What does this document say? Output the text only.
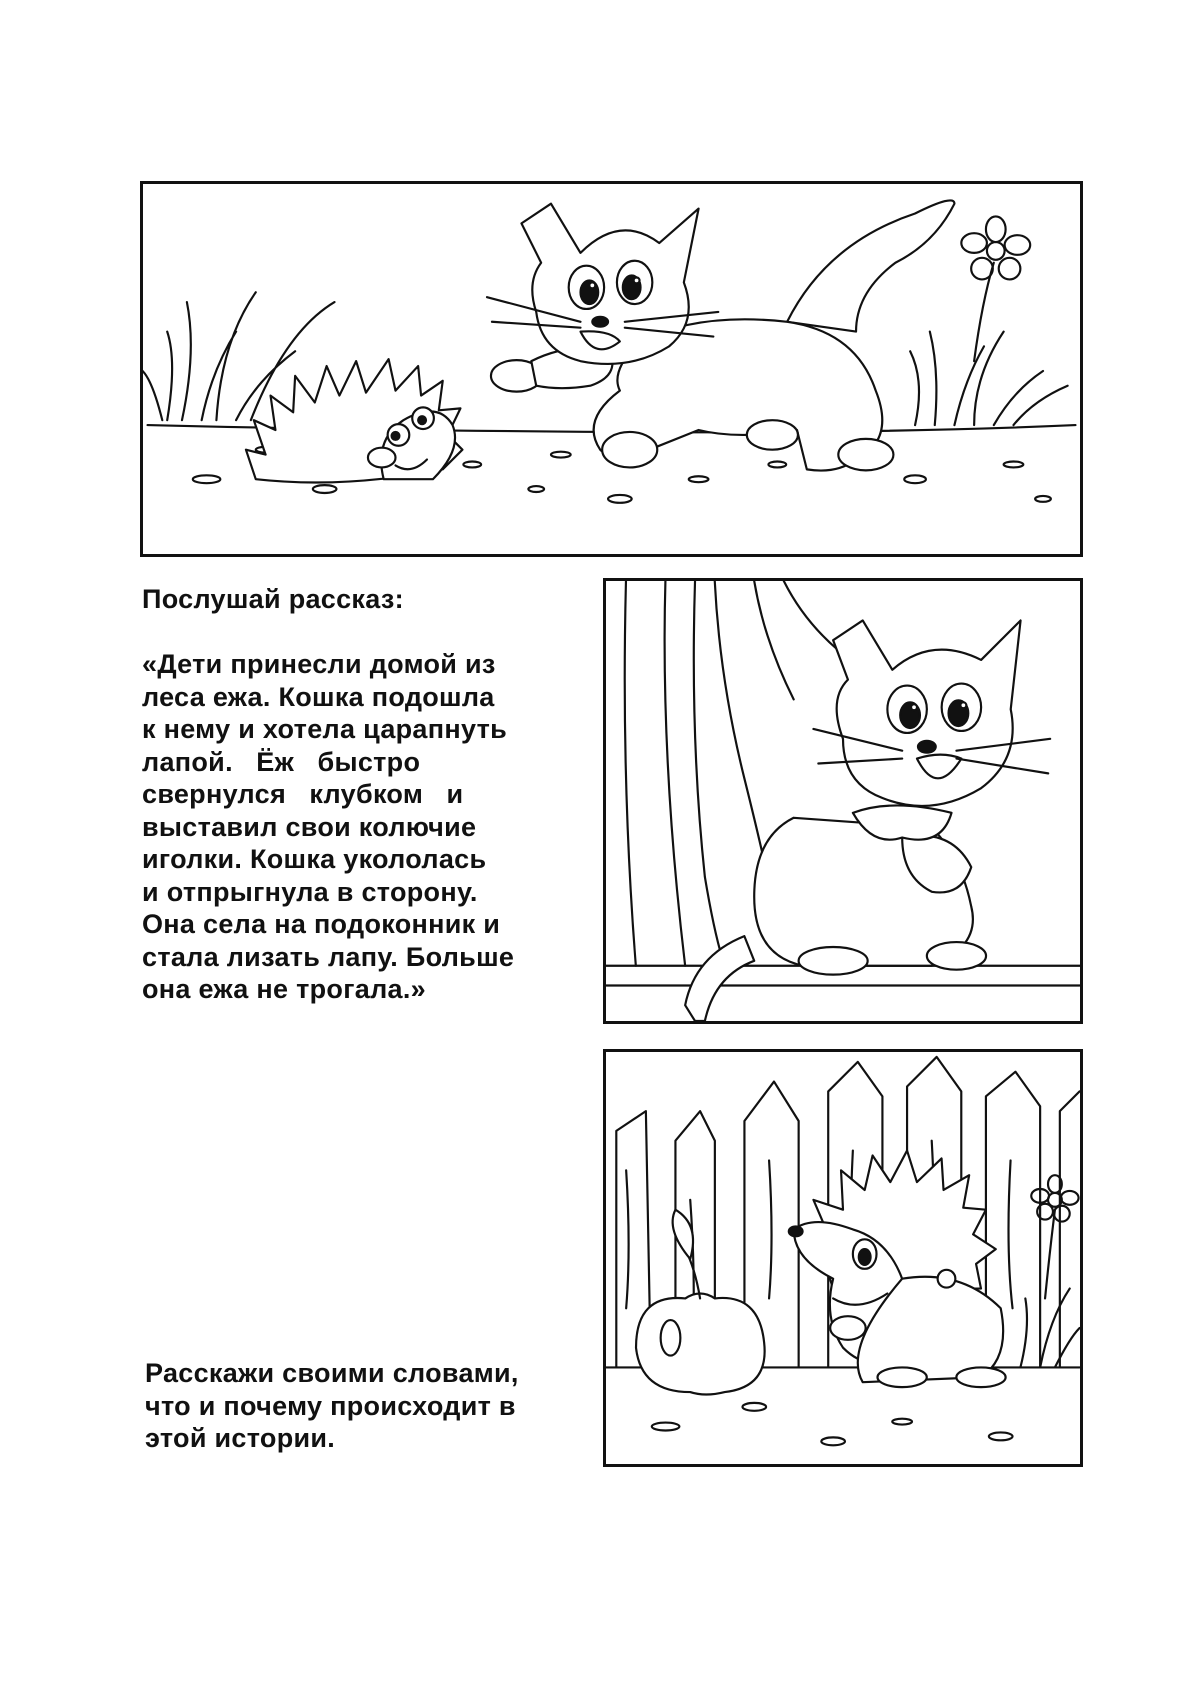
Послушай рассказ:
«Дети принесли домой из
леса ежа. Кошка подошла
к нему и хотела царапнуть
лапой.   Ёж   быстро
свернулся   клубком   и
выставил свои колючие
иголки. Кошка укололась
и отпрыгнула в сторону.
Она села на подоконник и
стала лизать лапу. Больше
она ежа не трогала.»
Расскажи своими словами,
что и почему происходит в
этой истории.
